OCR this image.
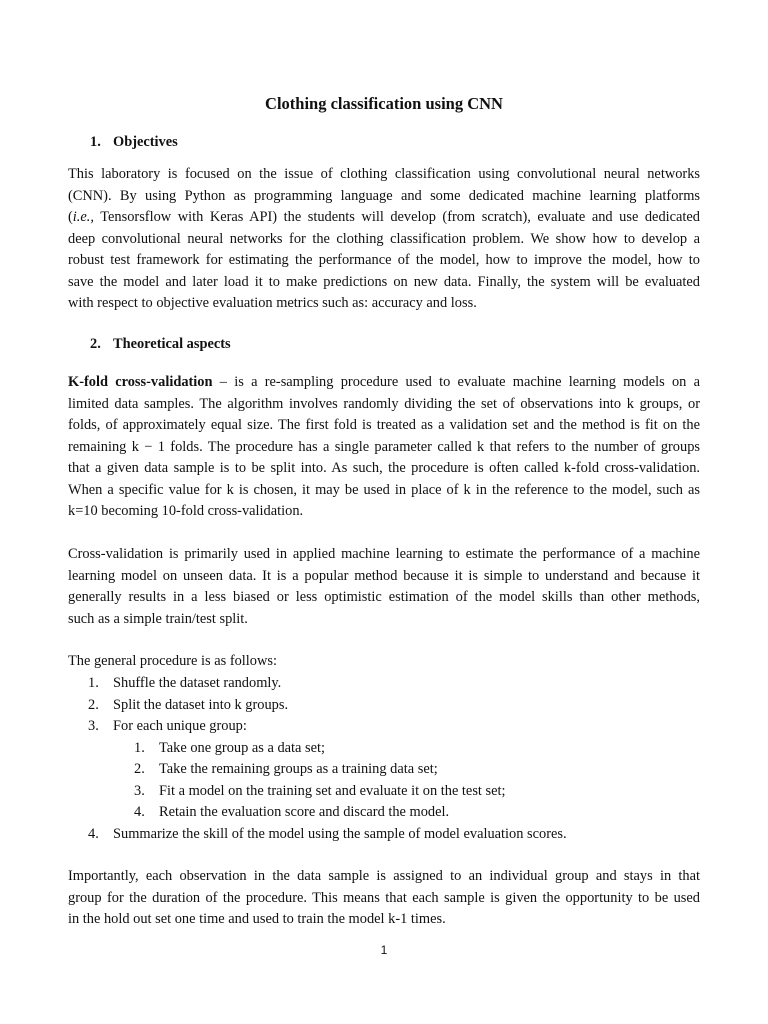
Clothing classification using CNN
1. Objectives
This laboratory is focused on the issue of clothing classification using convolutional neural networks
(CNN). By using Python as programming language and some dedicated machine learning platforms
(i.e., Tensorsflow with Keras API) the students will develop (from scratch), evaluate and use dedicated
deep convolutional neural networks for the clothing classification problem. We show how to develop a
robust test framework for estimating the performance of the model, how to improve the model, how to
save the model and later load it to make predictions on new data. Finally, the system will be evaluated
with respect to objective evaluation metrics such as: accuracy and loss.
2. Theoretical aspects
K-fold cross-validation – is a re-sampling procedure used to evaluate machine learning models on a
limited data samples. The algorithm involves randomly dividing the set of observations into k groups, or
folds, of approximately equal size. The first fold is treated as a validation set and the method is fit on the
remaining k − 1 folds. The procedure has a single parameter called k that refers to the number of groups
that a given data sample is to be split into. As such, the procedure is often called k-fold cross-validation.
When a specific value for k is chosen, it may be used in place of k in the reference to the model, such as
k=10 becoming 10-fold cross-validation.
Cross-validation is primarily used in applied machine learning to estimate the performance of a machine
learning model on unseen data. It is a popular method because it is simple to understand and because it
generally results in a less biased or less optimistic estimation of the model skills than other methods,
such as a simple train/test split.
The general procedure is as follows:
1. Shuffle the dataset randomly.
2. Split the dataset into k groups.
3. For each unique group:
1. Take one group as a data set;
2. Take the remaining groups as a training data set;
3. Fit a model on the training set and evaluate it on the test set;
4. Retain the evaluation score and discard the model.
4. Summarize the skill of the model using the sample of model evaluation scores.
Importantly, each observation in the data sample is assigned to an individual group and stays in that
group for the duration of the procedure. This means that each sample is given the opportunity to be used
in the hold out set one time and used to train the model k-1 times.
1
